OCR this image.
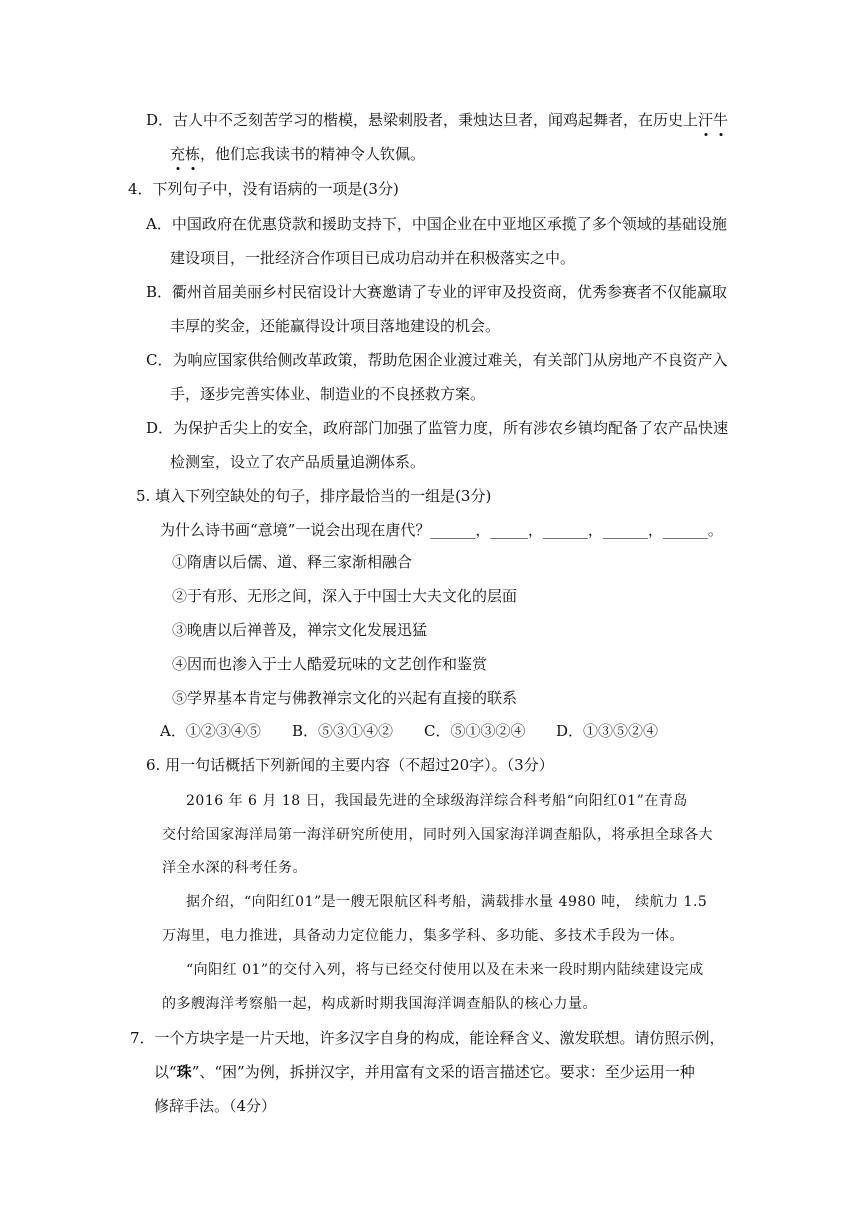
D．古人中不乏刻苦学习的楷模，悬梁刺股者，秉烛达旦者，闻鸡起舞者，在历史上汗
牛
充
栋
，他们忘我读书的精神令人钦佩。
4．下列句子中，没有语病的一项是(3分)
A．中国政府在优惠贷款和援助支持下，中国企业在中亚地区承揽了多个领域的基础设施
建设项目，一批经济合作项目已成功启动并在积极落实之中。
B．衢州首届美丽乡村民宿设计大赛邀请了专业的评审及投资商，优秀参赛者不仅能赢取
丰厚的奖金，还能赢得设计项目落地建设的机会。
C．为响应国家供给侧改革政策，帮助危困企业渡过难关，有关部门从房地产不良资产入
手，逐步完善实体业、制造业的不良拯救方案。
D．为保护舌尖上的安全，政府部门加强了监管力度，所有涉农乡镇均配备了农产品快速
检测室，设立了农产品质量追溯体系。
5. 填入下列空缺处的句子，排序最恰当的一组是(3分)
为什么诗书画“意境”一说会出现在唐代？______，_____，______，______，______。
①隋唐以后儒、道、释三家渐相融合
②于有形、无形之间，深入于中国士大夫文化的层面
③晚唐以后禅普及，禅宗文化发展迅猛
④因而也渗入于士人酷爱玩味的文艺创作和鉴赏
⑤学界基本肯定与佛教禅宗文化的兴起有直接的联系
A．①②③④⑤ B．⑤③①④② C．⑤①③②④ D．①③⑤②④
6. 用一句话概括下列新闻的主要内容（不超过20字）。（3分）
2016 年 6 月 18 日，我国最先进的全球级海洋综合科考船“向阳红01”在青岛
交付给国家海洋局第一海洋研究所使用，同时列入国家海洋调查船队，将承担全球各大
洋全水深的科考任务。
据介绍，“向阳红01”是一艘无限航区科考船，满载排水量 4980 吨， 续航力 1.5
万海里，电力推进，具备动力定位能力，集多学科、多功能、多技术手段为一体。
“向阳红 01”的交付入列，将与已经交付使用以及在未来一段时期内陆续建设完成
的多艘海洋考察船一起，构成新时期我国海洋调查船队的核心力量。
7．一个方块字是一片天地，许多汉字自身的构成，能诠释含义、激发联想。请仿照示例，
以“珠”、“困”为例，拆拼汉字，并用富有文采的语言描述它。要求：至少运用一种
修辞手法。（4分）
